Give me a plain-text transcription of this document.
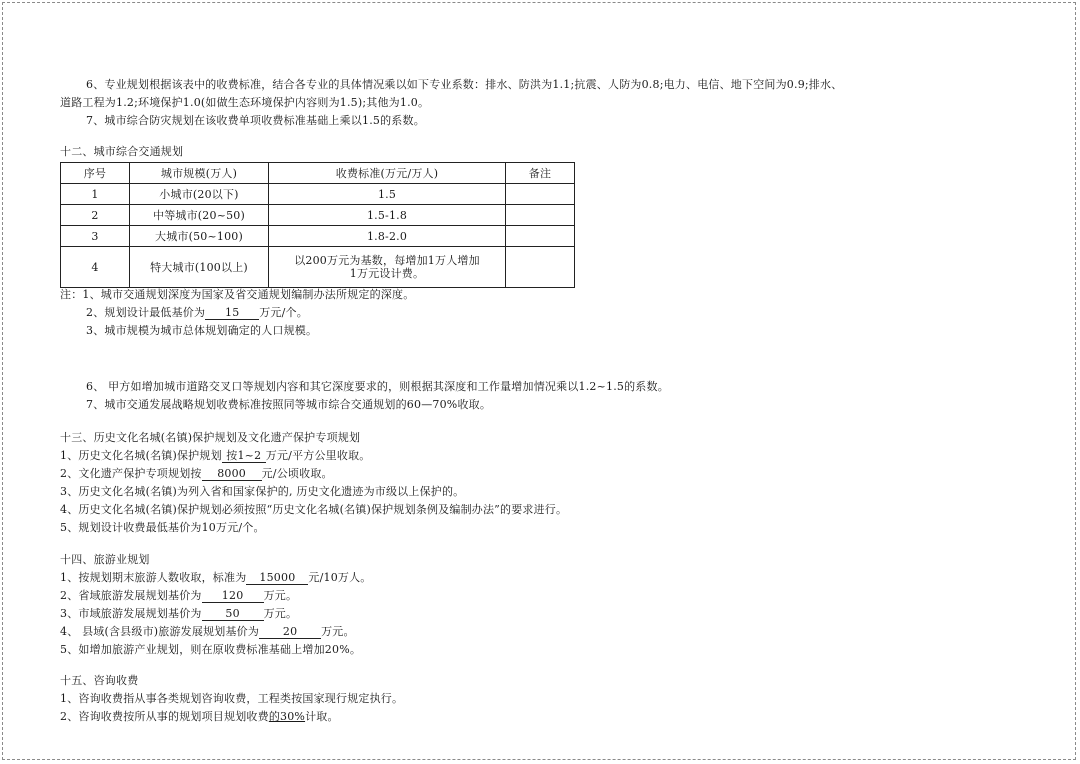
6、专业规划根据该表中的收费标准，结合各专业的具体情况乘以如下专业系数：排水、防洪为1.1;抗震、人防为0.8;电力、电信、地下空间为0.9;排水、
道路工程为1.2;环境保护1.0(如做生态环境保护内容则为1.5);其他为1.0。
7、城市综合防灾规划在该收费单项收费标准基础上乘以1.5的系数。
十二、城市综合交通规划
序号	城市规模(万人)	收费标准(万元/万人)	备注
1	小城市(20以下)	1.5	
2	中等城市(20~50)	1.5-1.8	
3	大城市(50~100)	1.8-2.0	
4	特大城市(100以上)	以200万元为基数，每增加1万人增加
1万元设计费。	

注：1、城市交通规划深度为国家及省交通规划编制办法所规定的深度。
2、规划设计最低基价为 15 万元/个。
3、城市规模为城市总体规划确定的人口规模。
6、 甲方如增加城市道路交叉口等规划内容和其它深度要求的，则根据其深度和工作量增加情况乘以1.2~1.5的系数。
7、城市交通发展战略规划收费标准按照同等城市综合交通规划的60—70%收取。
十三、历史文化名城(名镇)保护规划及文化遗产保护专项规划
1、历史文化名城(名镇)保护规划 按1~2 万元/平方公里收取。
2、文化遗产保护专项规划按 8000 元/公顷收取。
3、历史文化名城(名镇)为列入省和国家保护的, 历史文化遗迹为市级以上保护的。
4、历史文化名城(名镇)保护规划必须按照“历史文化名城(名镇)保护规划条例及编制办法”的要求进行。
5、规划设计收费最低基价为10万元/个。
十四、旅游业规划
1、按规划期末旅游人数收取，标准为 15000 元/10万人。
2、省域旅游发展规划基价为 120 万元。
3、市域旅游发展规划基价为 50 万元。
4、 县域(含县级市)旅游发展规划基价为 20 万元。
5、如增加旅游产业规划，则在原收费标准基础上增加20%。
十五、咨询收费
1、咨询收费指从事各类规划咨询收费，工程类按国家现行规定执行。
2、咨询收费按所从事的规划项目规划收费的30%计取。
